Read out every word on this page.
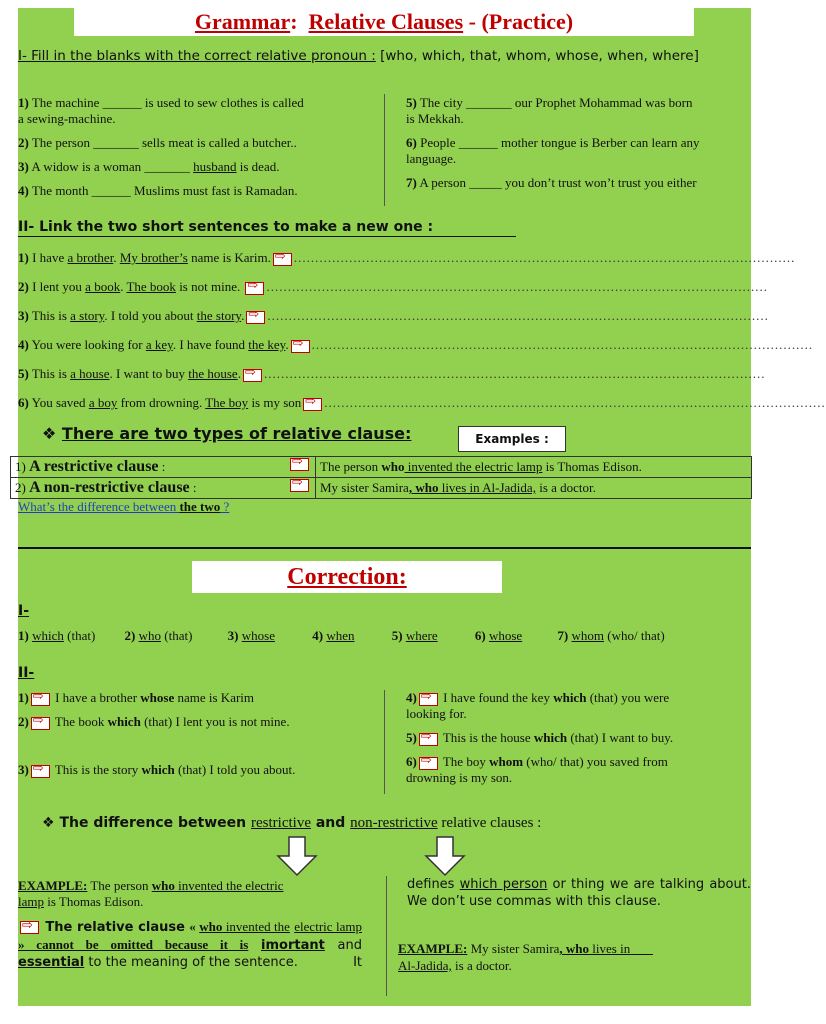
Grammar: Relative Clauses - (Practice)
I- Fill in the blanks with the correct relative pronoun : [who, which, that, whom, whose, when, where]
1) The machine ______ is used to sew clothes is called
a sewing-machine.
2) The person _______ sells meat is called a butcher..
3) A widow is a woman _______ husband is dead.
4) The month ______ Muslims must fast is Ramadan.
5) The city _______ our Prophet Mohammad was born
is Mekkah.
6) People ______ mother tongue is Berber can learn any
language.
7) A person _____ you don’t trust won’t trust you either
II- Link the two short sentences to make a new one :
1) I have a brother. My brother’s name is Karim. ⇨ ......................................................................................................................
2) I lent you a book. The book is not mine. ⇨ ......................................................................................................................
3) This is a story. I told you about the story. ⇨ ......................................................................................................................
4) You were looking for a key. I have found the key. ⇨ ......................................................................................................................
5) This is a house. I want to buy the house. ⇨ ......................................................................................................................
6) You saved a boy from drowning. The boy is my son ⇨ ......................................................................................................................
❖ There are two types of relative clause:	Examples :
1) A restrictive clause :
⇨	The person who invented the electric lamp is Thomas Edison.
2) A non-restrictive clause :
⇨	My sister Samira, who lives in Al-Jadida, is a doctor.
What’s the difference between the two ?
Correction:
I-
1) which (that) 2) who (that)	3) whose	4) when	5) where	6) whose	7) whom (who/ that)
II-
1)⇨ I have a brother whose name is Karim
2)⇨ The book which (that) I lent you is not mine.
3)⇨ This is the story which (that) I told you about.
4)⇨ I have found the key which (that) you were
looking for.
5)⇨ This is the house which (that) I want to buy.
6)⇨ The boy whom (who/ that) you saved from
drowning is my son.
❖ The difference between restrictive and non-restrictive relative clauses :
EXAMPLE: The person who invented the electric
lamp is Thomas Edison.
⇨ The relative clause « who invented the electric lamp » cannot be omitted because it is imortant and essential to the meaning of the sentence.	It
defines which person or thing we are talking about. We don’t use commas with this clause.
EXAMPLE: My sister Samira, who lives in
Al-Jadida, is a doctor.
